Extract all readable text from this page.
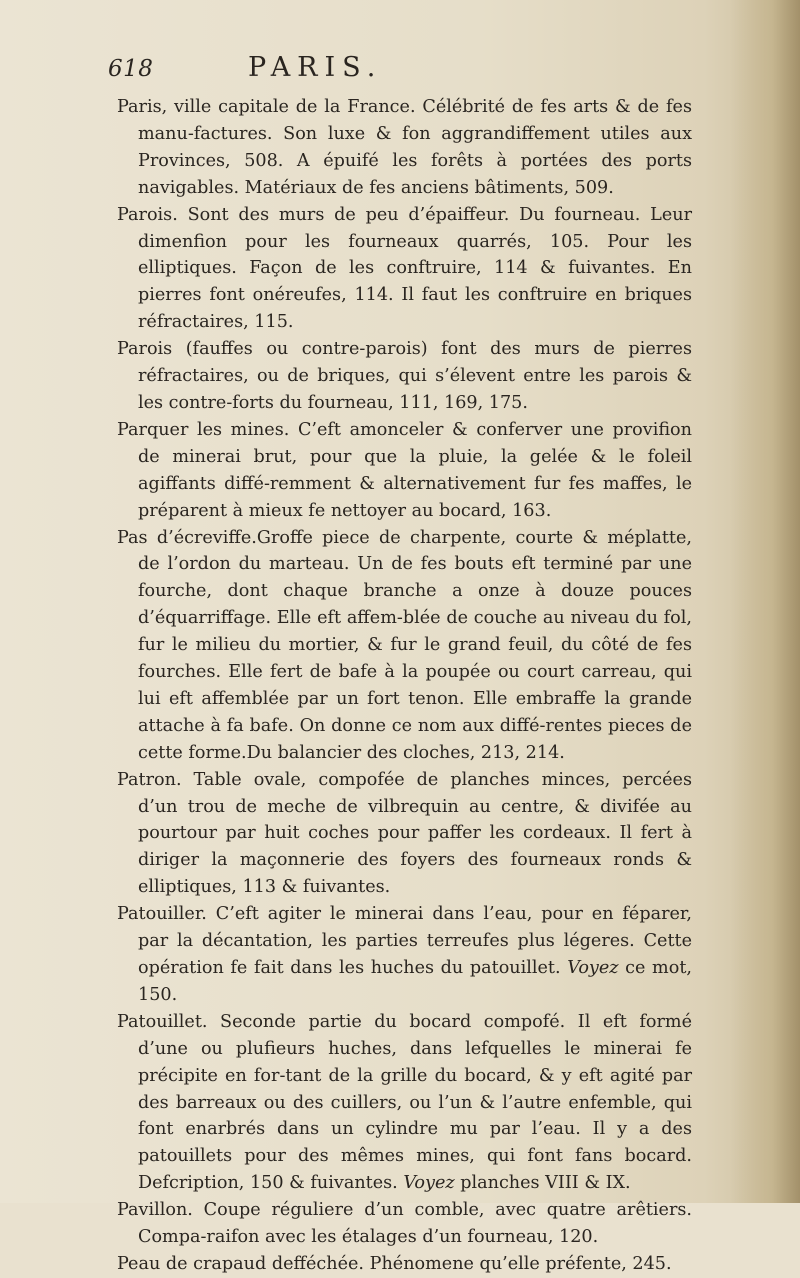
618	PARIS.

Paris, ville capitale de la France. Célébrité de fes arts & de fes manu-factures. Son luxe & fon aggrandiffement utiles aux Provinces, 508. A épuifé les forêts à portées des ports navigables. Matériaux de fes anciens bâtiments, 509.

Parois. Sont des murs de peu d’épaiffeur. Du fourneau. Leur dimenfion pour les fourneaux quarrés, 105. Pour les elliptiques. Façon de les conftruire, 114 & fuivantes. En pierres font onéreufes, 114. Il faut les conftruire en briques réfractaires, 115.

Parois (fauffes ou contre-parois) font des murs de pierres réfractaires, ou de briques, qui s’élevent entre les parois & les contre-forts du fourneau, 111, 169, 175.

Parquer les mines. C’eft amonceler & conferver une provifion de minerai brut, pour que la pluie, la gelée & le foleil agiffants diffé-remment & alternativement fur fes maffes, le préparent à mieux fe nettoyer au bocard, 163.

Pas d’écreviffe.Groffe piece de charpente, courte & méplatte, de l’ordon du marteau. Un de fes bouts eft terminé par une fourche, dont chaque branche a onze à douze pouces d’équarriffage. Elle eft affem-blée de couche au niveau du fol, fur le milieu du mortier, & fur le grand feuil, du côté de fes fourches. Elle fert de bafe à la poupée ou court carreau, qui lui eft affemblée par un fort tenon. Elle embraffe la grande attache à fa bafe. On donne ce nom aux diffé-rentes pieces de cette forme.Du balancier des cloches, 213, 214.

Patron. Table ovale, compofée de planches minces, percées d’un trou de meche de vilbrequin au centre, & divifée au pourtour par huit coches pour paffer les cordeaux. Il fert à diriger la maçonnerie des foyers des fourneaux ronds & elliptiques, 113 & fuivantes.

Patouiller. C’eft agiter le minerai dans l’eau, pour en féparer, par la décantation, les parties terreufes plus légeres. Cette opération fe fait dans les huches du patouillet. Voyez ce mot, 150.

Patouillet. Seconde partie du bocard compofé. Il eft formé d’une ou plufieurs huches, dans lefquelles le minerai fe précipite en for-tant de la grille du bocard, & y eft agité par des barreaux ou des cuillers, ou l’un & l’autre enfemble, qui font enarbrés dans un cylindre mu par l’eau. Il y a des patouillets pour des mêmes mines, qui font fans bocard. Defcription, 150 & fuivantes. Voyez planches VIII & IX.

Pavillon. Coupe réguliere d’un comble, avec quatre arêtiers. Compa-raifon avec les étalages d’un fourneau, 120.

Peau de crapaud defféchée. Phénomene qu’elle préfente, 245.
